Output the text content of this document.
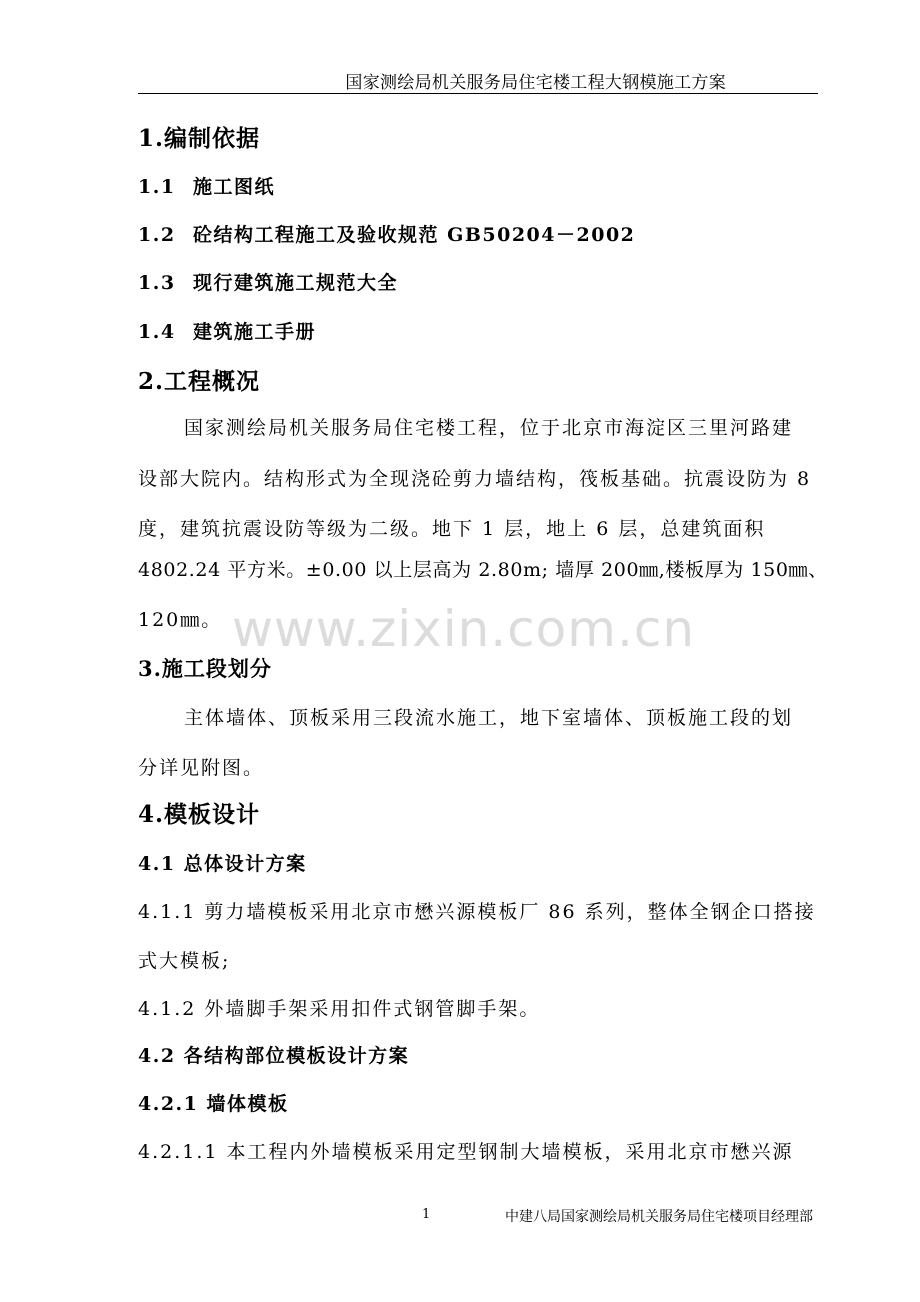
国家测绘局机关服务局住宅楼工程大钢模施工方案
1.编制依据
1.1 施工图纸
1.2 砼结构工程施工及验收规范 GB50204－2002
1.3 现行建筑施工规范大全
1.4 建筑施工手册
2.工程概况
国家测绘局机关服务局住宅楼工程，位于北京市海淀区三里河路建
设部大院内。结构形式为全现浇砼剪力墙结构，筏板基础。抗震设防为 8
度，建筑抗震设防等级为二级。地下 1 层，地上 6 层，总建筑面积
4802.24 平方米。±0.00 以上层高为 2.80m; 墙厚 200㎜,楼板厚为 150㎜、
120㎜。 www.zixin.com.cn
3.施工段划分
主体墙体、顶板采用三段流水施工，地下室墙体、顶板施工段的划
分详见附图。
4.模板设计
4.1 总体设计方案
4.1.1 剪力墙模板采用北京市懋兴源模板厂 86 系列，整体全钢企口搭接
式大模板;
4.1.2 外墙脚手架采用扣件式钢管脚手架。
4.2 各结构部位模板设计方案
4.2.1 墙体模板
4.2.1.1 本工程内外墙模板采用定型钢制大墙模板，采用北京市懋兴源
1	中建八局国家测绘局机关服务局住宅楼项目经理部
